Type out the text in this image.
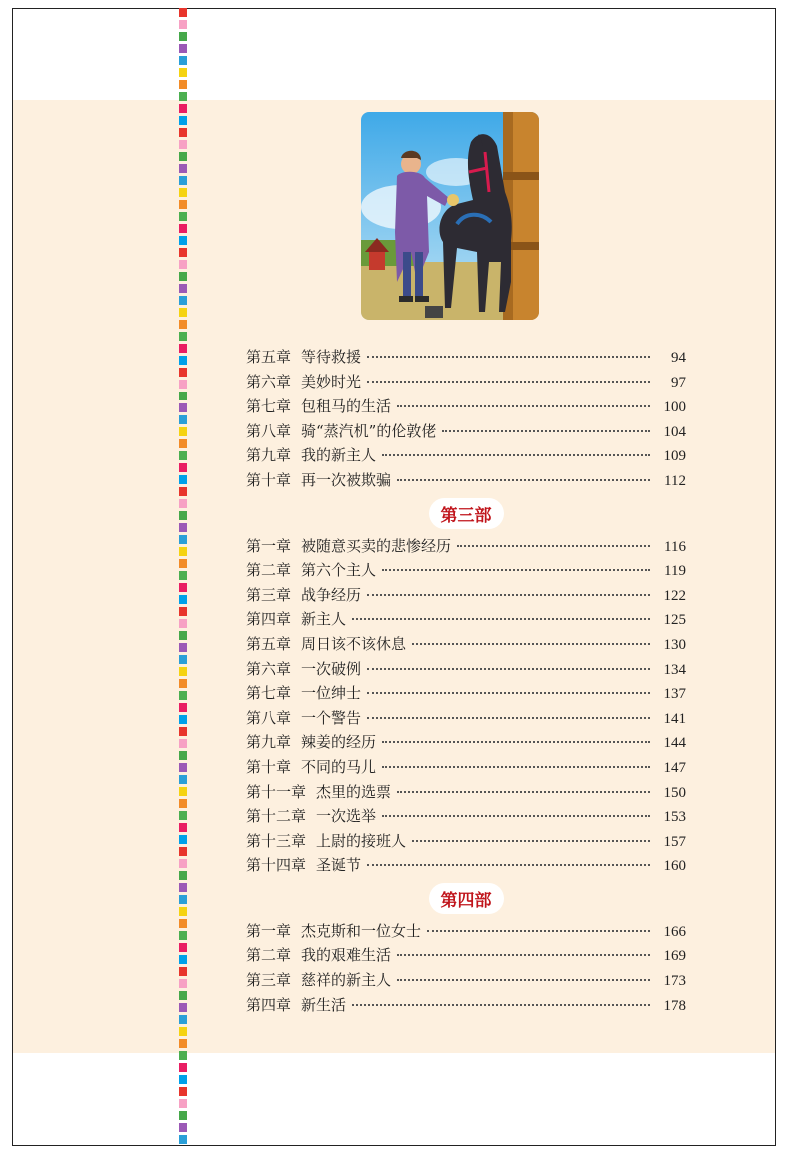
第五章 等待救援	94
第六章 美妙时光	97
第七章 包租马的生活	100
第八章 骑“蒸汽机”的伦敦佬	104
第九章 我的新主人	109
第十章 再一次被欺骗	112
第三部
第一章 被随意买卖的悲惨经历	116
第二章 第六个主人	119
第三章 战争经历	122
第四章 新主人	125
第五章 周日该不该休息	130
第六章 一次破例	134
第七章 一位绅士	137
第八章 一个警告	141
第九章 辣姜的经历	144
第十章 不同的马儿	147
第十一章 杰里的选票	150
第十二章 一次选举	153
第十三章 上尉的接班人	157
第十四章 圣诞节	160
第四部
第一章 杰克斯和一位女士	166
第二章 我的艰难生活	169
第三章 慈祥的新主人	173
第四章 新生活	178
